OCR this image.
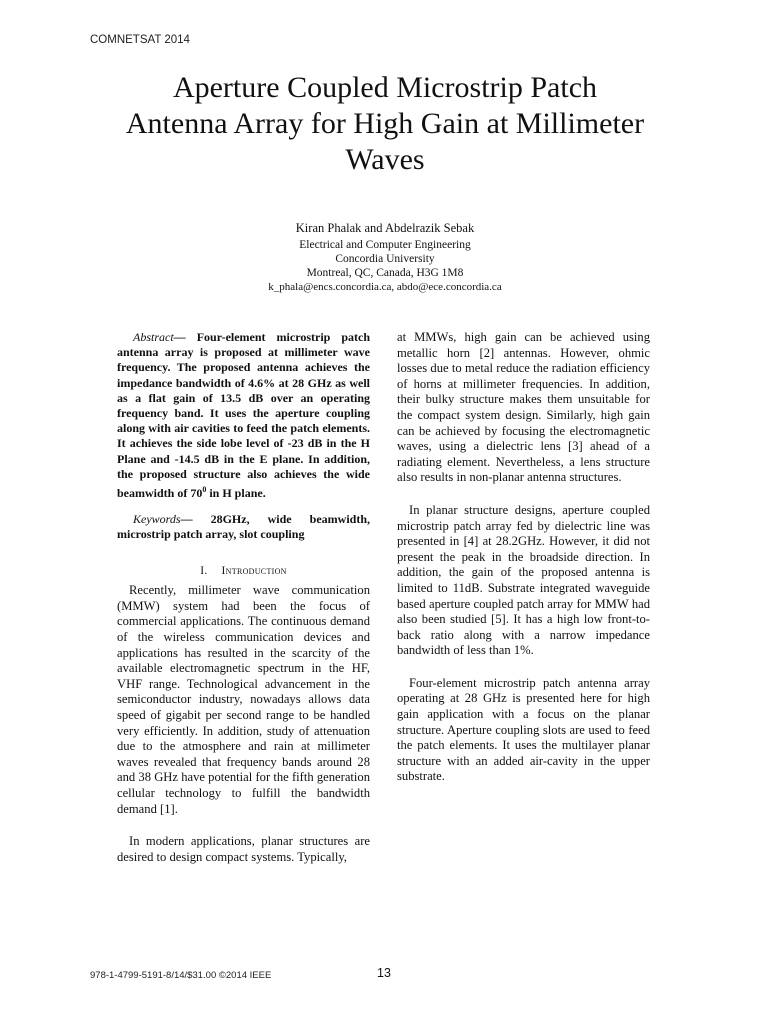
COMNETSAT 2014
Aperture Coupled Microstrip Patch
Antenna Array for High Gain at Millimeter
Waves
Kiran Phalak and Abdelrazik Sebak
Electrical and Computer Engineering
Concordia University
Montreal, QC, Canada, H3G 1M8
k_phala@encs.concordia.ca, abdo@ece.concordia.ca

Abstract— Four-element microstrip patch antenna array is proposed at millimeter wave frequency. The proposed antenna achieves the impedance bandwidth of 4.6% at 28 GHz as well as a flat gain of 13.5 dB over an operating frequency band. It uses the aperture coupling along with air cavities to feed the patch elements. It achieves the side lobe level of -23 dB in the H Plane and -14.5 dB in the E plane. In addition, the proposed structure also achieves the wide beamwidth of $70^0$ in H plane.

Keywords— 28GHz, wide beamwidth, microstrip patch array, slot coupling

I. Introduction

Recently, millimeter wave communication (MMW) system had been the focus of commercial applications. The continuous demand of the wireless communication devices and applications has resulted in the scarcity of the available electromagnetic spectrum in the HF, VHF range. Technological advancement in the semiconductor industry, nowadays allows data speed of gigabit per second range to be handled very efficiently. In addition, study of attenuation due to the atmosphere and rain at millimeter waves revealed that frequency bands around 28 and 38 GHz have potential for the fifth generation cellular technology to fulfill the bandwidth demand [1].

In modern applications, planar structures are desired to design compact systems. Typically,

at MMWs, high gain can be achieved using metallic horn [2] antennas. However, ohmic losses due to metal reduce the radiation efficiency of horns at millimeter frequencies. In addition, their bulky structure makes them unsuitable for the compact system design. Similarly, high gain can be achieved by focusing the electromagnetic waves, using a dielectric lens [3] ahead of a radiating element. Nevertheless, a lens structure also results in non-planar antenna structures.

In planar structure designs, aperture coupled microstrip patch array fed by dielectric line was presented in [4] at 28.2GHz. However, it did not present the peak in the broadside direction. In addition, the gain of the proposed antenna is limited to 11dB. Substrate integrated waveguide based aperture coupled patch array for MMW had also been studied [5]. It has a high low front-to-back ratio along with a narrow impedance bandwidth of less than 1%.

Four-element microstrip patch antenna array operating at 28 GHz is presented here for high gain application with a focus on the planar structure. Aperture coupling slots are used to feed the patch elements. It uses the multilayer planar structure with an added air-cavity in the upper substrate.

978-1-4799-5191-8/14/$31.00 ©2014 IEEE	13
